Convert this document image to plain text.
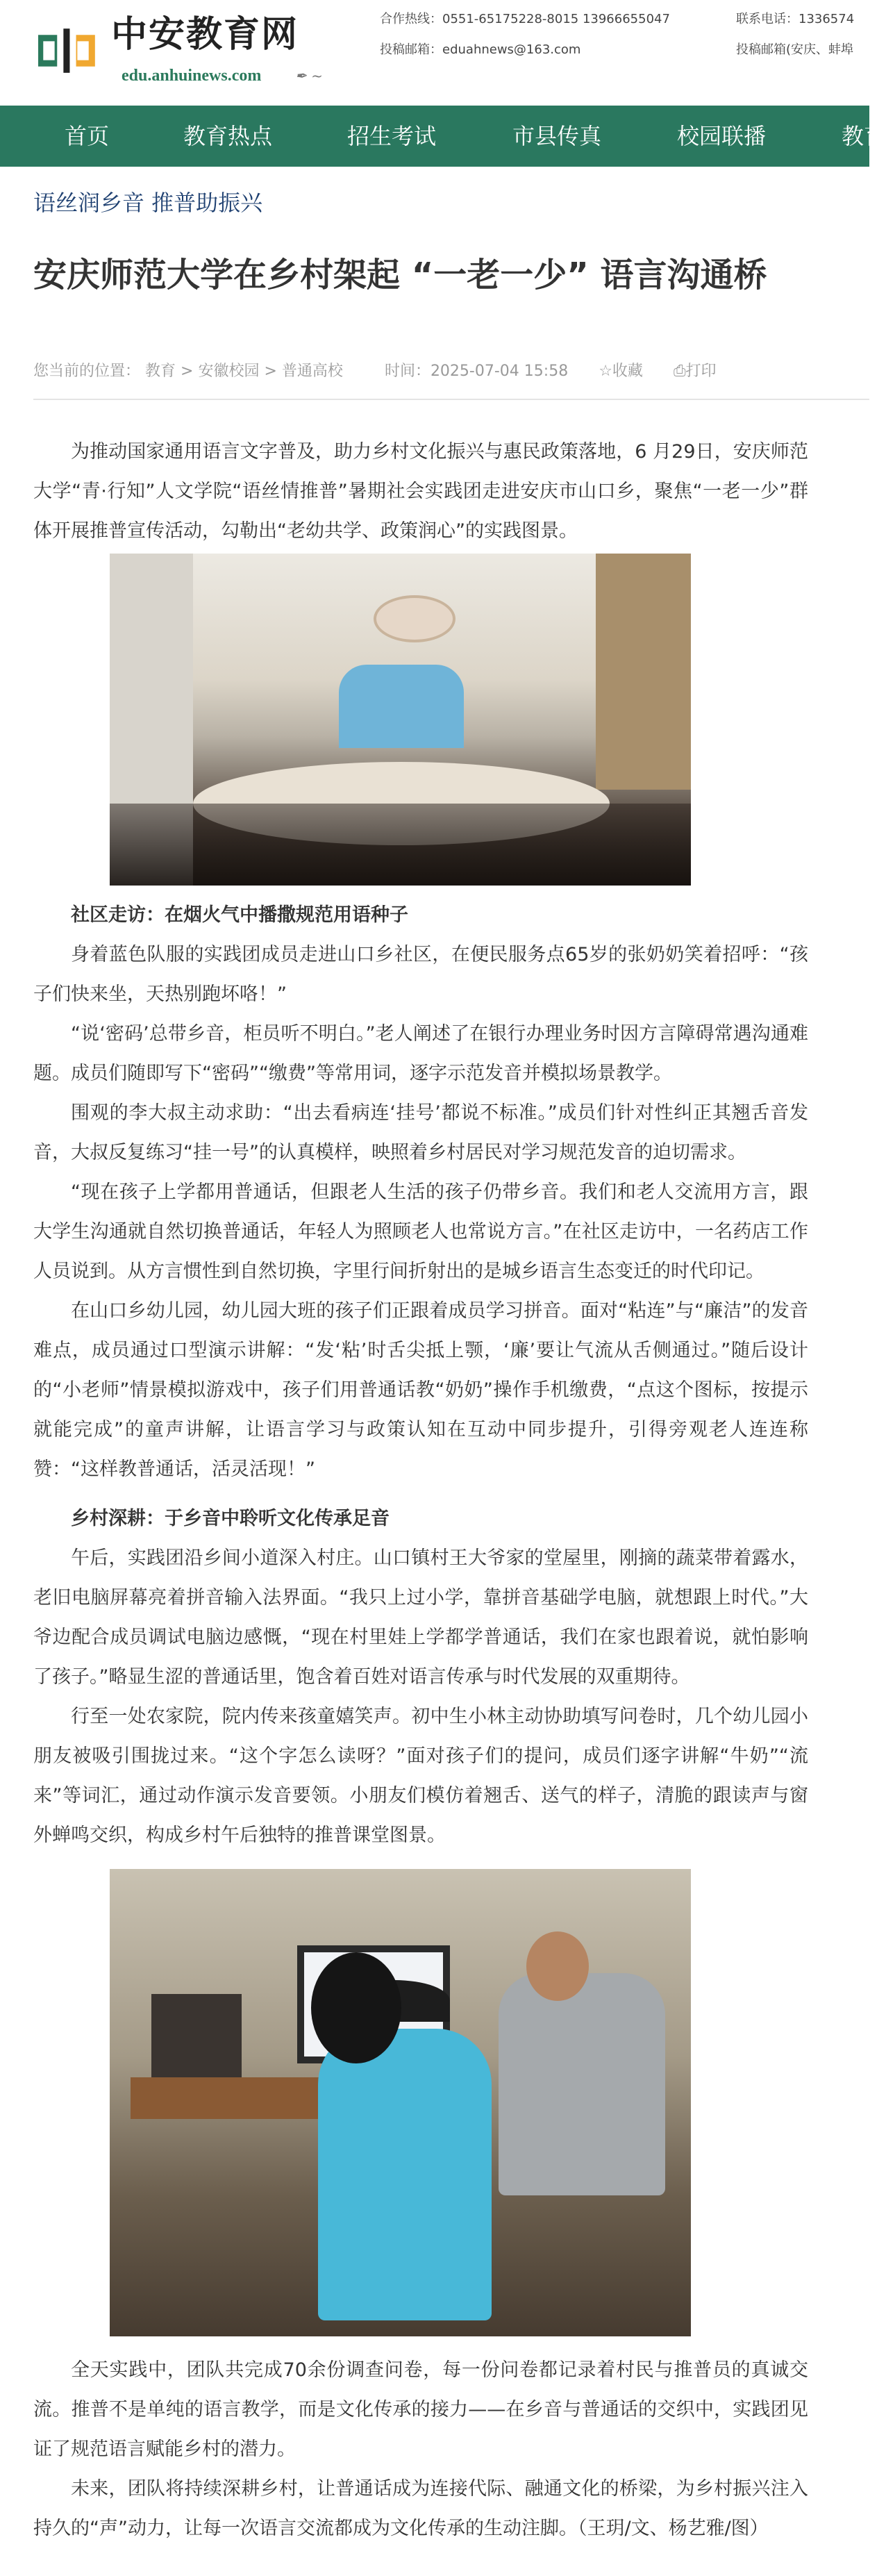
中安教育网
edu.anhuinews.com ✒ ~
合作热线：0551-65175228-8015 13966655047	联系电话：1336574
投稿邮箱：eduahnews@163.com	投稿邮箱(安庆、蚌埠
首页	教育热点	招生考试	市县传真	校园联播	教育
语丝润乡音 推普助振兴
安庆师范大学在乡村架起 “一老一少” 语言沟通桥
您当前的位置： 教育 > 安徽校园 > 普通高校	时间：2025-07-04 15:58 ☆收藏 ⎙打印

为推动国家通用语言文字普及，助力乡村文化振兴与惠民政策落地，6 月29日，安庆师范大学“青·行知”人文学院“语丝情推普”暑期社会实践团走进安庆市山口乡，聚焦“一老一少”群体开展推普宣传活动，勾勒出“老幼共学、政策润心”的实践图景。

社区走访：在烟火气中播撒规范用语种子

身着蓝色队服的实践团成员走进山口乡社区，在便民服务点65岁的张奶奶笑着招呼：“孩子们快来坐，天热别跑坏咯！”

“说‘密码’总带乡音，柜员听不明白。”老人阐述了在银行办理业务时因方言障碍常遇沟通难题。成员们随即写下“密码”“缴费”等常用词，逐字示范发音并模拟场景教学。

围观的李大叔主动求助：“出去看病连‘挂号’都说不标准。”成员们针对性纠正其翘舌音发音，大叔反复练习“挂一号”的认真模样，映照着乡村居民对学习规范发音的迫切需求。

“现在孩子上学都用普通话，但跟老人生活的孩子仍带乡音。我们和老人交流用方言，跟大学生沟通就自然切换普通话，年轻人为照顾老人也常说方言。”在社区走访中，一名药店工作人员说到。从方言惯性到自然切换，字里行间折射出的是城乡语言生态变迁的时代印记。

在山口乡幼儿园，幼儿园大班的孩子们正跟着成员学习拼音。面对“粘连”与“廉洁”的发音难点，成员通过口型演示讲解：“发‘粘’时舌尖抵上颚，‘廉’要让气流从舌侧通过。”随后设计的“小老师”情景模拟游戏中，孩子们用普通话教“奶奶”操作手机缴费，“点这个图标，按提示就能完成”的童声讲解，让语言学习与政策认知在互动中同步提升，引得旁观老人连连称赞：“这样教普通话，活灵活现！”

乡村深耕：于乡音中聆听文化传承足音

午后，实践团沿乡间小道深入村庄。山口镇村王大爷家的堂屋里，刚摘的蔬菜带着露水，老旧电脑屏幕亮着拼音输入法界面。“我只上过小学，靠拼音基础学电脑，就想跟上时代。”大爷边配合成员调试电脑边感慨，“现在村里娃上学都学普通话，我们在家也跟着说，就怕影响了孩子。”略显生涩的普通话里，饱含着百姓对语言传承与时代发展的双重期待。

行至一处农家院，院内传来孩童嬉笑声。初中生小林主动协助填写问卷时，几个幼儿园小朋友被吸引围拢过来。“这个字怎么读呀？”面对孩子们的提问，成员们逐字讲解“牛奶”“流来”等词汇，通过动作演示发音要领。小朋友们模仿着翘舌、送气的样子，清脆的跟读声与窗外蝉鸣交织，构成乡村午后独特的推普课堂图景。

全天实践中，团队共完成70余份调查问卷，每一份问卷都记录着村民与推普员的真诚交流。推普不是单纯的语言教学，而是文化传承的接力——在乡音与普通话的交织中，实践团见证了规范语言赋能乡村的潜力。

未来，团队将持续深耕乡村，让普通话成为连接代际、融通文化的桥梁，为乡村振兴注入持久的“声”动力，让每一次语言交流都成为文化传承的生动注脚。（王玥/文、杨艺雅/图）
